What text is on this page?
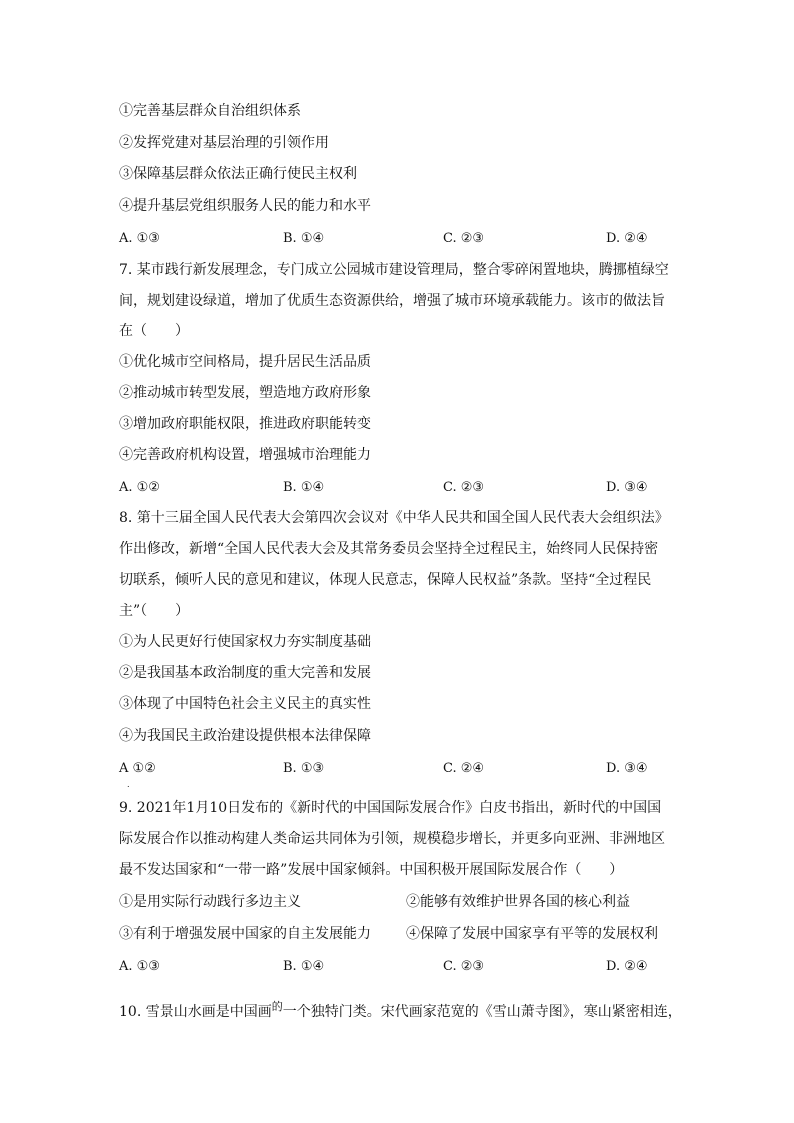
①完善基层群众自治组织体系
②发挥党建对基层治理的引领作用
③保障基层群众依法正确行使民主权利
④提升基层党组织服务人民的能力和水平
A. ①③	B. ①④	C. ②③	D. ②④
7. 某市践行新发展理念，专门成立公园城市建设管理局，整合零碎闲置地块，腾挪植绿空
间，规划建设绿道，增加了优质生态资源供给，增强了城市环境承载能力。该市的做法旨
在（　　）
①优化城市空间格局，提升居民生活品质
②推动城市转型发展，塑造地方政府形象
③增加政府职能权限，推进政府职能转变
④完善政府机构设置，增强城市治理能力
A. ①②	B. ①④	C. ②③	D. ③④
8. 第十三届全国人民代表大会第四次会议对《中华人民共和国全国人民代表大会组织法》
作出修改，新增“全国人民代表大会及其常务委员会坚持全过程民主，始终同人民保持密
切联系，倾听人民的意见和建议，体现人民意志，保障人民权益”条款。坚持“全过程民
主”（　　）
①为人民更好行使国家权力夯实制度基础
②是我国基本政治制度的重大完善和发展
③体现了中国特色社会主义民主的真实性
④为我国民主政治建设提供根本法律保障
A ①②	B. ①③	C. ②④	D. ③④
.
9. 2021年1月10日发布的《新时代的中国国际发展合作》白皮书指出，新时代的中国国
际发展合作以推动构建人类命运共同体为引领，规模稳步增长，并更多向亚洲、非洲地区
最不发达国家和“一带一路”发展中国家倾斜。中国积极开展国际发展合作（　　）
①是用实际行动践行多边主义	②能够有效维护世界各国的核心利益
③有利于增强发展中国家的自主发展能力	④保障了发展中国家享有平等的发展权利
A. ①③	B. ①④	C. ②③	D. ②④
10. 雪景山水画是中国画$^的$一个独特门类。宋代画家范宽的《雪山萧寺图》，寒山紧密相连，
